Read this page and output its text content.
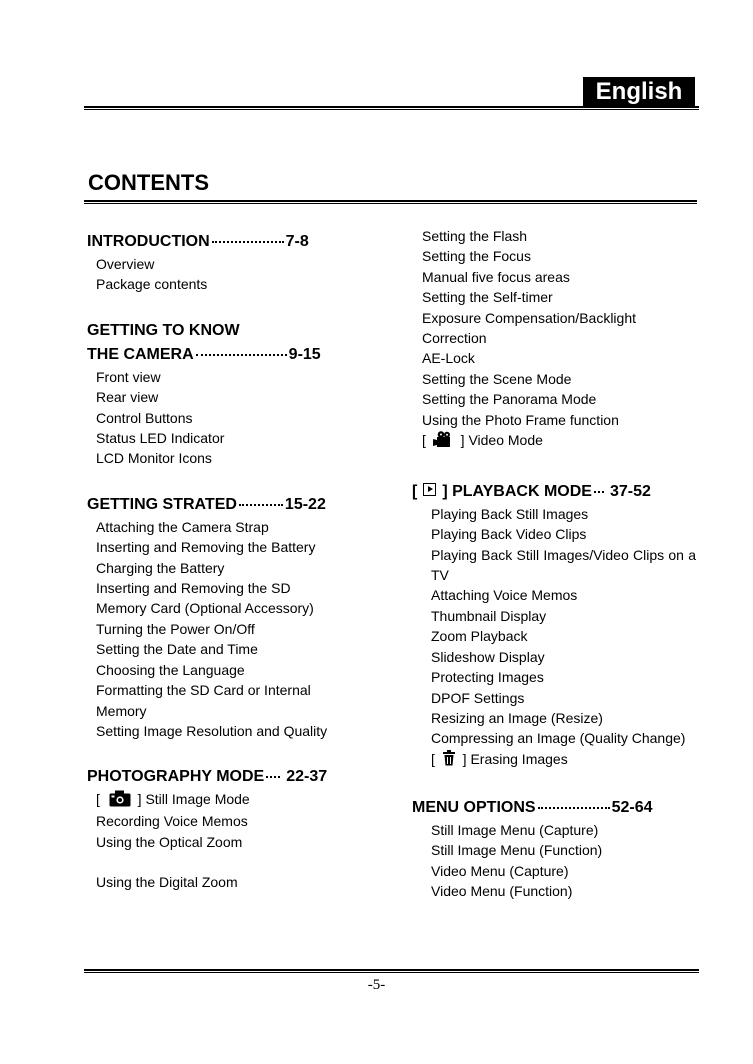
English
CONTENTS
INTRODUCTION	7-8
Overview
Package contents
GETTING TO KNOW
THE CAMERA	9-15
Front view
Rear view
Control Buttons
Status LED Indicator
LCD Monitor Icons
GETTING STRATED	15-22
Attaching the Camera Strap
Inserting and Removing the Battery
Charging the Battery
Inserting and Removing the SD
Memory Card (Optional Accessory)
Turning the Power On/Off
Setting the Date and Time
Choosing the Language
Formatting the SD Card or Internal
Memory
Setting Image Resolution and Quality
PHOTOGRAPHY MODE 22-37
[	] Still Image Mode
Recording Voice Memos
Using the Optical Zoom
Using the Digital Zoom
Setting the Flash
Setting the Focus
Manual five focus areas
Setting the Self-timer
Exposure Compensation/Backlight
Correction
AE-Lock
Setting the Scene Mode
Setting the Panorama Mode
Using the Photo Frame function
[ ] Video Mode
[ ] PLAYBACK MODE 37-52
Playing Back Still Images
Playing Back Video Clips
Playing Back Still Images/Video Clips on a TV
Attaching Voice Memos
Thumbnail Display
Zoom Playback
Slideshow Display
Protecting Images
DPOF Settings
Resizing an Image (Resize)
Compressing an Image (Quality Change)
[ ] Erasing Images
MENU OPTIONS	52-64
Still Image Menu (Capture)
Still Image Menu (Function)
Video Menu (Capture)
Video Menu (Function)
-5-
